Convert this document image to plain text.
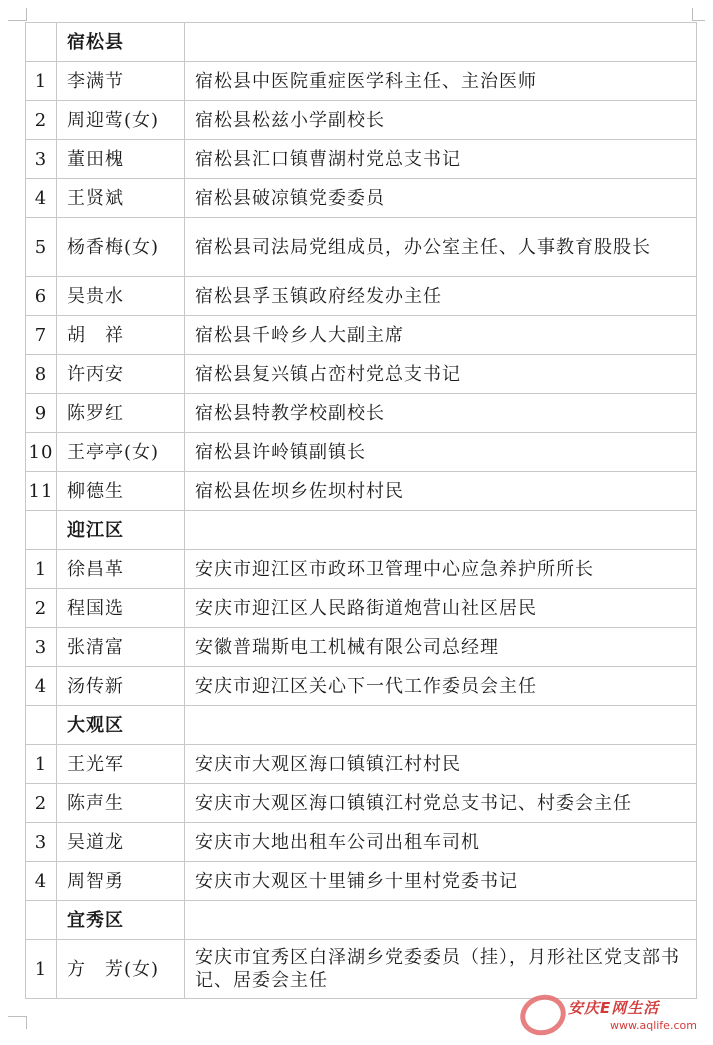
	宿松县	
1	李满节	宿松县中医院重症医学科主任、主治医师
2	周迎莺(女)	宿松县松兹小学副校长
3	董田槐	宿松县汇口镇曹湖村党总支书记
4	王贤斌	宿松县破凉镇党委委员
5	杨香梅(女)	宿松县司法局党组成员，办公室主任、人事教育股股长
6	吴贵水	宿松县孚玉镇政府经发办主任
7	胡　祥	宿松县千岭乡人大副主席
8	许丙安	宿松县复兴镇占峦村党总支书记
9	陈罗红	宿松县特教学校副校长
10	王亭亭(女)	宿松县许岭镇副镇长
11	柳德生	宿松县佐坝乡佐坝村村民
	迎江区	
1	徐昌革	安庆市迎江区市政环卫管理中心应急养护所所长
2	程国选	安庆市迎江区人民路街道炮营山社区居民
3	张清富	安徽普瑞斯电工机械有限公司总经理
4	汤传新	安庆市迎江区关心下一代工作委员会主任
	大观区	
1	王光军	安庆市大观区海口镇镇江村村民
2	陈声生	安庆市大观区海口镇镇江村党总支书记、村委会主任
3	吴道龙	安庆市大地出租车公司出租车司机
4	周智勇	安庆市大观区十里铺乡十里村党委书记
	宜秀区	
1	方　芳(女)	安庆市宜秀区白泽湖乡党委委员（挂），月形社区党支部书记、居委会主任
安庆E网生活
www.aqlife.com
